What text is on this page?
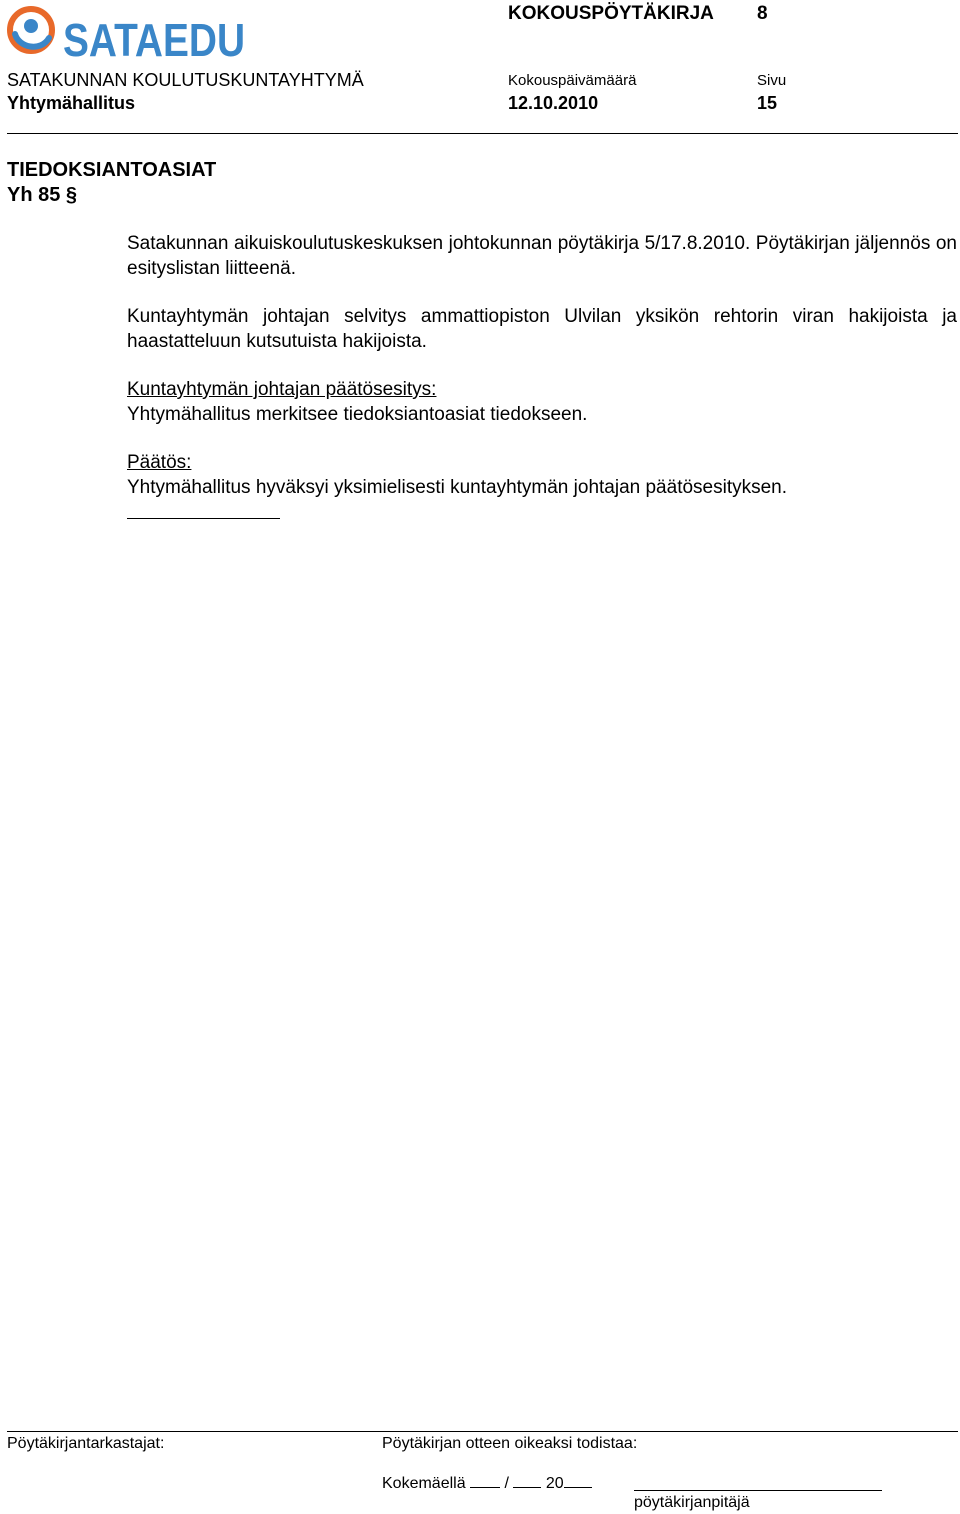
SATAEDU
KOKOUSPÖYTÄKIRJA 8
SATAKUNNAN KOULUTUSKUNTAYHTYMÄ	Kokouspäivämäärä	Sivu
Yhtymähallitus	12.10.2010	15
TIEDOKSIANTOASIAT
Yh 85 §
Satakunnan aikuiskoulutuskeskuksen johtokunnan pöytäkirja 5/17.8.2010. Pöytäkirjan jäljennös on esityslistan liitteenä.
Kuntayhtymän johtajan selvitys ammattiopiston Ulvilan yksikön rehtorin viran hakijoista ja haastatteluun kutsutuista hakijoista.
Kuntayhtymän johtajan päätösesitys:
Yhtymähallitus merkitsee tiedoksiantoasiat tiedokseen.
Päätös:
Yhtymähallitus hyväksyi yksimielisesti kuntayhtymän johtajan päätösesityksen.
Pöytäkirjantarkastajat:	Pöytäkirjan otteen oikeaksi todistaa:
Kokemäellä / 20
pöytäkirjanpitäjä
